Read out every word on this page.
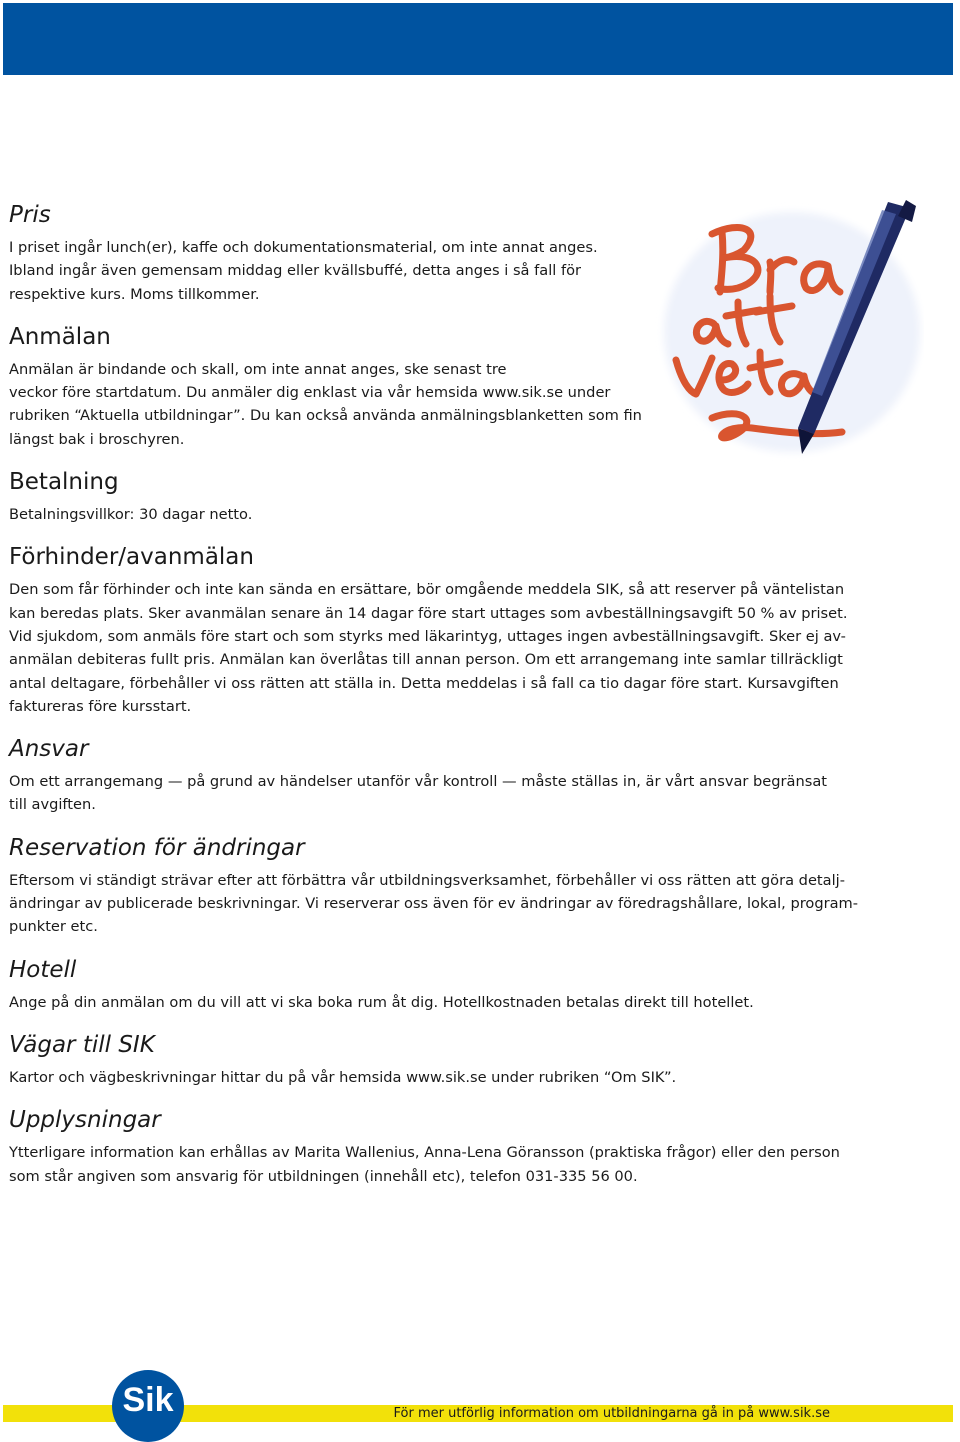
Pris

I priset ingår lunch(er), kaffe och dokumentationsmaterial, om inte annat anges.
Ibland ingår även gemensam middag eller kvällsbuffé, detta anges i så fall för
respektive kurs. Moms tillkommer.

Anmälan

Anmälan är bindande och skall, om inte annat anges, ske senast tre
veckor före startdatum. Du anmäler dig enklast via vår hemsida www.sik.se under
rubriken “Aktuella utbildningar”. Du kan också använda anmälningsblanketten som fin
längst bak i broschyren.

Betalning

Betalningsvillkor: 30 dagar netto.

Förhinder/avanmälan

Den som får förhinder och inte kan sända en ersättare, bör omgående meddela SIK, så att reserver på väntelistan
kan beredas plats. Sker avanmälan senare än 14 dagar före start uttages som avbeställningsavgift 50 % av priset.
Vid sjukdom, som anmäls före start och som styrks med läkarintyg, uttages ingen avbeställningsavgift. Sker ej av-
anmälan debiteras fullt pris. Anmälan kan överlåtas till annan person. Om ett arrangemang inte samlar tillräckligt
antal deltagare, förbehåller vi oss rätten att ställa in. Detta meddelas i så fall ca tio dagar före start. Kursavgiften
faktureras före kursstart.

Ansvar

Om ett arrangemang — på grund av händelser utanför vår kontroll — måste ställas in, är vårt ansvar begränsat
till avgiften.

Reservation för ändringar

Eftersom vi ständigt strävar efter att förbättra vår utbildningsverksamhet, förbehåller vi oss rätten att göra detalj-
ändringar av publicerade beskrivningar. Vi reserverar oss även för ev ändringar av föredragshållare, lokal, program-
punkter etc.

Hotell

Ange på din anmälan om du vill att vi ska boka rum åt dig. Hotellkostnaden betalas direkt till hotellet.

Vägar till SIK

Kartor och vägbeskrivningar hittar du på vår hemsida www.sik.se under rubriken “Om SIK”.

Upplysningar

Ytterligare information kan erhållas av Marita Wallenius, Anna-Lena Göransson (praktiska frågor) eller den person
som står angiven som ansvarig för utbildningen (innehåll etc), telefon 031-335 56 00.

För mer utförlig information om utbildningarna gå in på www.sik.se
Sik
